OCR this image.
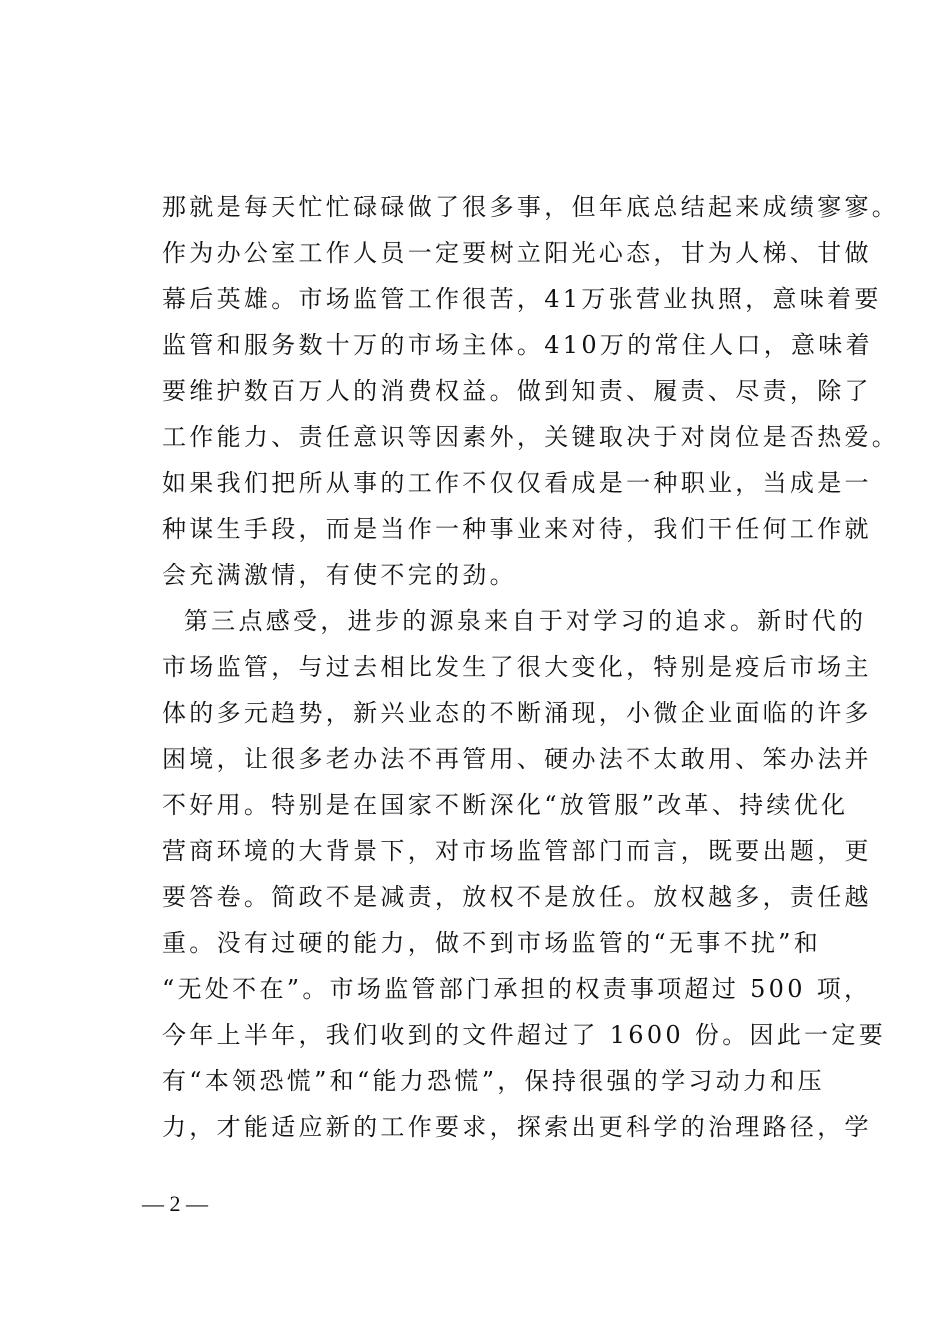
那就是每天忙忙碌碌做了很多事，但年底总结起来成绩寥寥。
作为办公室工作人员一定要树立阳光心态，甘为人梯、甘做
幕后英雄。市场监管工作很苦，41万张营业执照，意味着要
监管和服务数十万的市场主体。410万的常住人口，意味着
要维护数百万人的消费权益。做到知责、履责、尽责，除了
工作能力、责任意识等因素外，关键取决于对岗位是否热爱。
如果我们把所从事的工作不仅仅看成是一种职业，当成是一
种谋生手段，而是当作一种事业来对待，我们干任何工作就
会充满激情，有使不完的劲。
第三点感受，进步的源泉来自于对学习的追求。新时代的
市场监管，与过去相比发生了很大变化，特别是疫后市场主
体的多元趋势，新兴业态的不断涌现，小微企业面临的许多
困境，让很多老办法不再管用、硬办法不太敢用、笨办法并
不好用。特别是在国家不断深化“放管服”改革、持续优化
营商环境的大背景下，对市场监管部门而言，既要出题，更
要答卷。简政不是减责，放权不是放任。放权越多，责任越
重。没有过硬的能力，做不到市场监管的“无事不扰”和
“无处不在”。市场监管部门承担的权责事项超过 500 项，
今年上半年，我们收到的文件超过了 1600 份。因此一定要
有“本领恐慌”和“能力恐慌”，保持很强的学习动力和压
力，才能适应新的工作要求，探索出更科学的治理路径，学
— 2 —
